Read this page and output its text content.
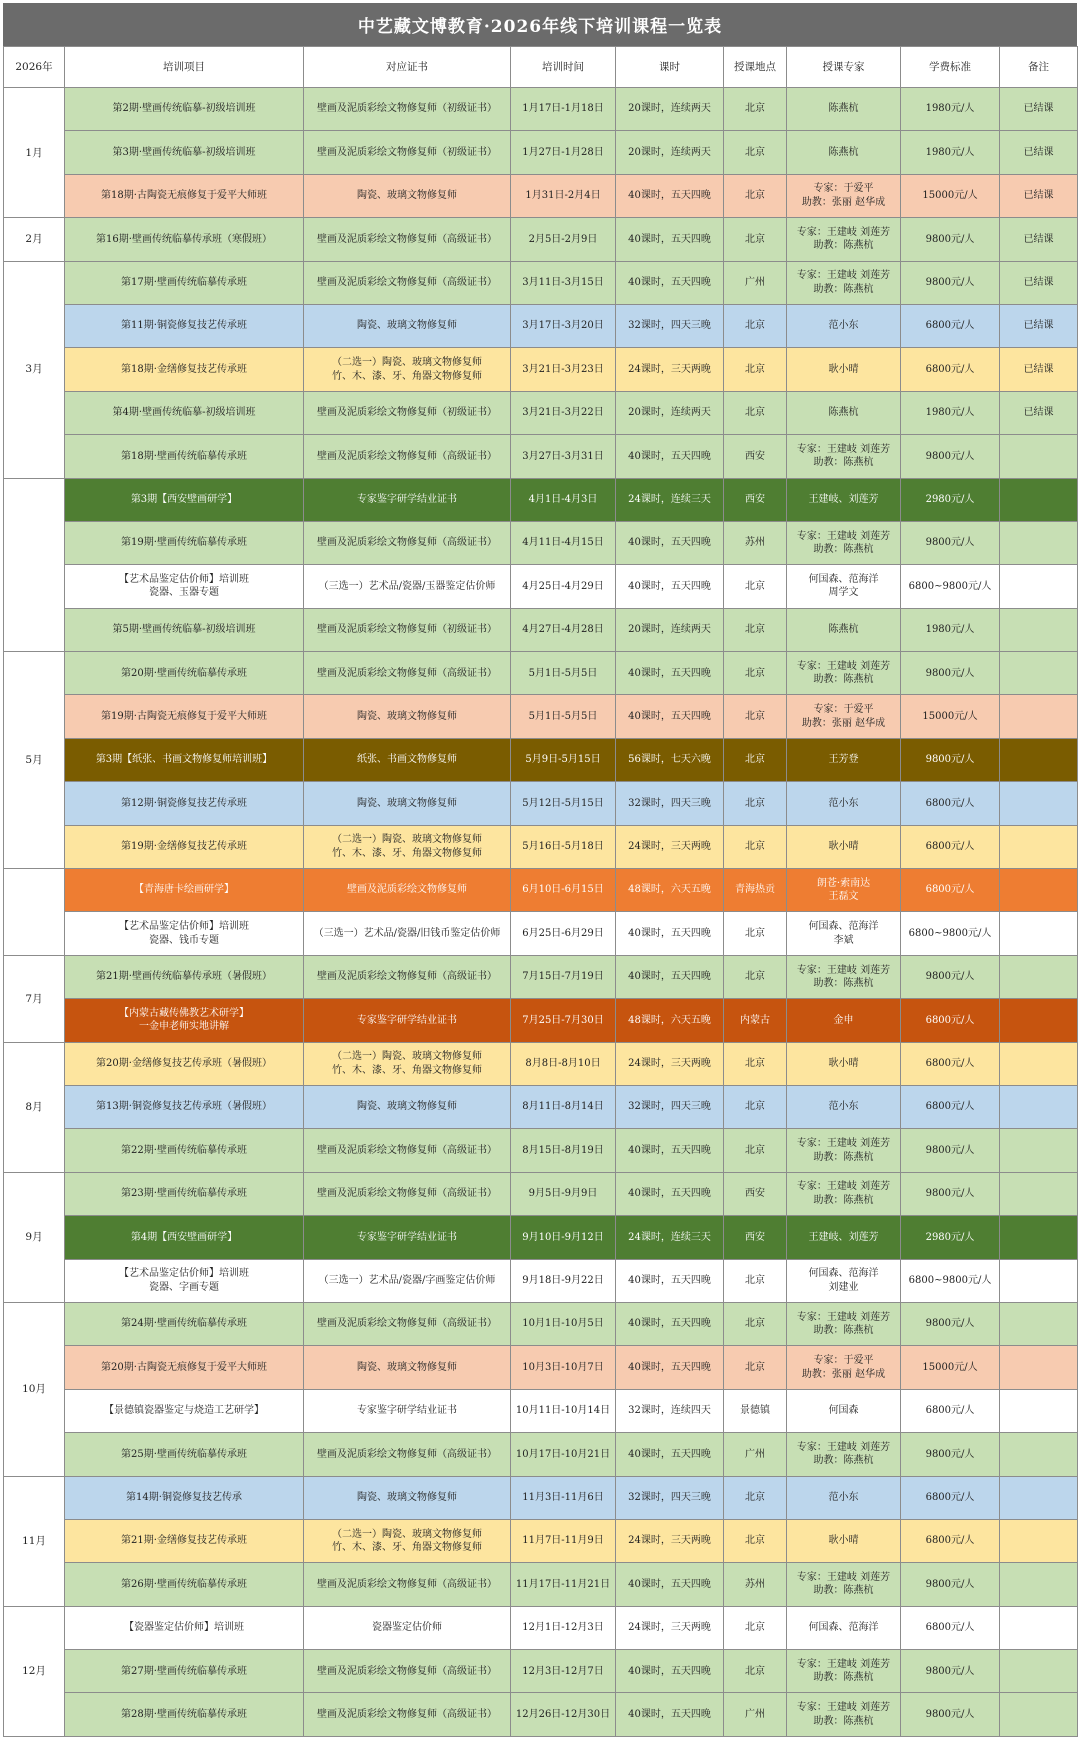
中艺藏文博教育·2026年线下培训课程一览表
2026年	培训项目	对应证书	培训时间	课时	授课地点	授课专家	学费标准	备注
1月	第2期·壁画传统临摹-初级培训班	壁画及泥质彩绘文物修复师（初级证书）	1月17日-1月18日	20课时，连续两天	北京	陈燕杭	1980元/人	已结课
	第3期·壁画传统临摹-初级培训班	壁画及泥质彩绘文物修复师（初级证书）	1月27日-1月28日	20课时，连续两天	北京	陈燕杭	1980元/人	已结课
	第18期·古陶瓷无痕修复于爱平大师班	陶瓷、玻璃文物修复师	1月31日-2月4日	40课时，五天四晚	北京	专家：于爱平
助教：张丽 赵华成	15000元/人	已结课
2月	第16期·壁画传统临摹传承班（寒假班）	壁画及泥质彩绘文物修复师（高级证书）	2月5日-2月9日	40课时，五天四晚	北京	专家：王建岐 刘莲芳
助教：陈燕杭	9800元/人	已结课
3月	第17期·壁画传统临摹传承班	壁画及泥质彩绘文物修复师（高级证书）	3月11日-3月15日	40课时，五天四晚	广州	专家：王建岐 刘莲芳
助教：陈燕杭	9800元/人	已结课
	第11期·铜瓷修复技艺传承班	陶瓷、玻璃文物修复师	3月17日-3月20日	32课时，四天三晚	北京	范小东	6800元/人	已结课
	第18期·金缮修复技艺传承班	（二选一）陶瓷、玻璃文物修复师
竹、木、漆、牙、角器文物修复师	3月21日-3月23日	24课时，三天两晚	北京	耿小晴	6800元/人	已结课
	第4期·壁画传统临摹-初级培训班	壁画及泥质彩绘文物修复师（初级证书）	3月21日-3月22日	20课时，连续两天	北京	陈燕杭	1980元/人	已结课
	第18期·壁画传统临摹传承班	壁画及泥质彩绘文物修复师（高级证书）	3月27日-3月31日	40课时，五天四晚	西安	专家：王建岐 刘莲芳
助教：陈燕杭	9800元/人	
4月	第3期【西安壁画研学】	专家鉴字研学结业证书	4月1日-4月3日	24课时，连续三天	西安	王建岐、刘莲芳	2980元/人	
	第19期·壁画传统临摹传承班	壁画及泥质彩绘文物修复师（高级证书）	4月11日-4月15日	40课时，五天四晚	苏州	专家：王建岐 刘莲芳
助教：陈燕杭	9800元/人	
	【艺术品鉴定估价师】培训班
瓷器、玉器专题	（三选一）艺术品/瓷器/玉器鉴定估价师	4月25日-4月29日	40课时，五天四晚	北京	何国森、范海洋
周学文	6800~9800元/人	
	第5期·壁画传统临摹-初级培训班	壁画及泥质彩绘文物修复师（初级证书）	4月27日-4月28日	20课时，连续两天	北京	陈燕杭	1980元/人	
5月	第20期·壁画传统临摹传承班	壁画及泥质彩绘文物修复师（高级证书）	5月1日-5月5日	40课时，五天四晚	北京	专家：王建岐 刘莲芳
助教：陈燕杭	9800元/人	
	第19期·古陶瓷无痕修复于爱平大师班	陶瓷、玻璃文物修复师	5月1日-5月5日	40课时，五天四晚	北京	专家：于爱平
助教：张丽 赵华成	15000元/人	
	第3期【纸张、书画文物修复师培训班】	纸张、书画文物修复师	5月9日-5月15日	56课时，七天六晚	北京	王芳登	9800元/人	
	第12期·铜瓷修复技艺传承班	陶瓷、玻璃文物修复师	5月12日-5月15日	32课时，四天三晚	北京	范小东	6800元/人	
	第19期·金缮修复技艺传承班	（二选一）陶瓷、玻璃文物修复师
竹、木、漆、牙、角器文物修复师	5月16日-5月18日	24课时，三天两晚	北京	耿小晴	6800元/人	
6月	【青海唐卡绘画研学】	壁画及泥质彩绘文物修复师	6月10日-6月15日	48课时，六天五晚	青海热贡	朗苍·索南达
王磊文	6800元/人	
	【艺术品鉴定估价师】培训班
瓷器、钱币专题	（三选一）艺术品/瓷器/旧钱币鉴定估价师	6月25日-6月29日	40课时，五天四晚	北京	何国森、范海洋
李斌	6800~9800元/人	
7月	第21期·壁画传统临摹传承班（暑假班）	壁画及泥质彩绘文物修复师（高级证书）	7月15日-7月19日	40课时，五天四晚	北京	专家：王建岐 刘莲芳
助教：陈燕杭	9800元/人	
	【内蒙古藏传佛教艺术研学】
一金申老师实地讲解	专家鉴字研学结业证书	7月25日-7月30日	48课时，六天五晚	内蒙古	金申	6800元/人	
8月	第20期·金缮修复技艺传承班（暑假班）	（二选一）陶瓷、玻璃文物修复师
竹、木、漆、牙、角器文物修复师	8月8日-8月10日	24课时，三天两晚	北京	耿小晴	6800元/人	
	第13期·铜瓷修复技艺传承班（暑假班）	陶瓷、玻璃文物修复师	8月11日-8月14日	32课时，四天三晚	北京	范小东	6800元/人	
	第22期·壁画传统临摹传承班	壁画及泥质彩绘文物修复师（高级证书）	8月15日-8月19日	40课时，五天四晚	北京	专家：王建岐 刘莲芳
助教：陈燕杭	9800元/人	
9月	第23期·壁画传统临摹传承班	壁画及泥质彩绘文物修复师（高级证书）	9月5日-9月9日	40课时，五天四晚	西安	专家：王建岐 刘莲芳
助教：陈燕杭	9800元/人	
	第4期【西安壁画研学】	专家鉴字研学结业证书	9月10日-9月12日	24课时，连续三天	西安	王建岐、刘莲芳	2980元/人	
	【艺术品鉴定估价师】培训班
瓷器、字画专题	（三选一）艺术品/瓷器/字画鉴定估价师	9月18日-9月22日	40课时，五天四晚	北京	何国森、范海洋
刘建业	6800~9800元/人	
10月	第24期·壁画传统临摹传承班	壁画及泥质彩绘文物修复师（高级证书）	10月1日-10月5日	40课时，五天四晚	北京	专家：王建岐 刘莲芳
助教：陈燕杭	9800元/人	
	第20期·古陶瓷无痕修复于爱平大师班	陶瓷、玻璃文物修复师	10月3日-10月7日	40课时，五天四晚	北京	专家：于爱平
助教：张丽 赵华成	15000元/人	
	【景德镇瓷器鉴定与烧造工艺研学】	专家鉴字研学结业证书	10月11日-10月14日	32课时，连续四天	景德镇	何国森	6800元/人	
	第25期·壁画传统临摹传承班	壁画及泥质彩绘文物修复师（高级证书）	10月17日-10月21日	40课时，五天四晚	广州	专家：王建岐 刘莲芳
助教：陈燕杭	9800元/人	
11月	第14期·铜瓷修复技艺传承	陶瓷、玻璃文物修复师	11月3日-11月6日	32课时，四天三晚	北京	范小东	6800元/人	
	第21期·金缮修复技艺传承班	（二选一）陶瓷、玻璃文物修复师
竹、木、漆、牙、角器文物修复师	11月7日-11月9日	24课时，三天两晚	北京	耿小晴	6800元/人	
	第26期·壁画传统临摹传承班	壁画及泥质彩绘文物修复师（高级证书）	11月17日-11月21日	40课时，五天四晚	苏州	专家：王建岐 刘莲芳
助教：陈燕杭	9800元/人	
12月	【瓷器鉴定估价师】培训班	瓷器鉴定估价师	12月1日-12月3日	24课时，三天两晚	北京	何国森、范海洋	6800元/人	
	第27期·壁画传统临摹传承班	壁画及泥质彩绘文物修复师（高级证书）	12月3日-12月7日	40课时，五天四晚	北京	专家：王建岐 刘莲芳
助教：陈燕杭	9800元/人	
	第28期·壁画传统临摹传承班	壁画及泥质彩绘文物修复师（高级证书）	12月26日-12月30日	40课时，五天四晚	广州	专家：王建岐 刘莲芳
助教：陈燕杭	9800元/人	
